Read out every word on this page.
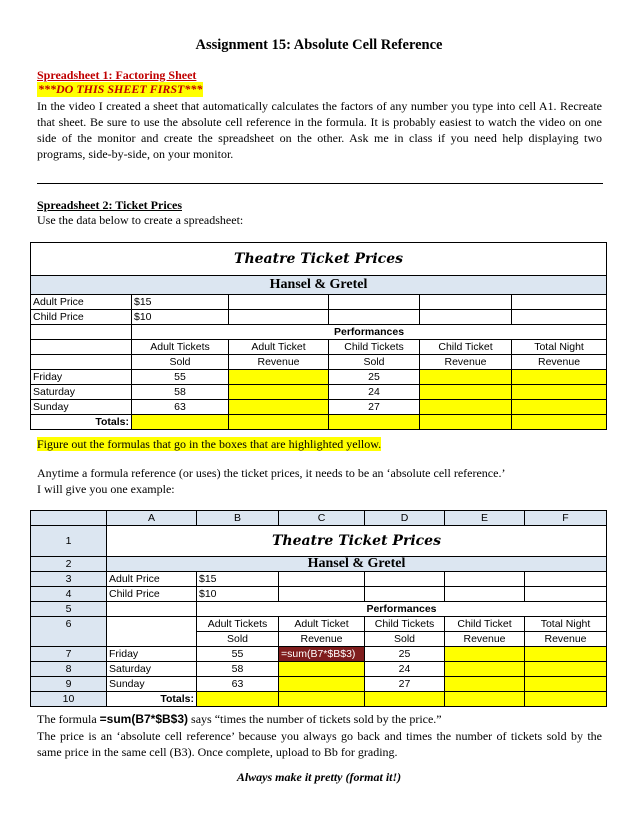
Assignment 15: Absolute Cell Reference
Spreadsheet 1: Factoring Sheet
***DO THIS SHEET FIRST***
In the video I created a sheet that automatically calculates the factors of any number you type into cell A1. Recreate that sheet. Be sure to use the absolute cell reference in the formula. It is probably easiest to watch the video on one side of the monitor and create the spreadsheet on the other. Ask me in class if you need help displaying two programs, side-by-side, on your monitor.
Spreadsheet 2: Ticket Prices
Use the data below to create a spreadsheet:
Theatre Ticket Prices					
Hansel & Gretel					
Adult Price	$15				
Child Price	$10				
	Performances				
	Adult Tickets	Adult Ticket	Child Tickets	Child Ticket	Total Night
	Sold	Revenue	Sold	Revenue	Revenue
Friday	55		25		
Saturday	58		24		
Sunday	63		27		
Totals:					
Figure out the formulas that go in the boxes that are highlighted yellow.
Anytime a formula reference (or uses) the ticket prices, it needs to be an ‘absolute cell reference.’
I will give you one example:
	A	B	C	D	E	F
1	Theatre Ticket Prices					
2	Hansel & Gretel					
3	Adult Price	$15				
4	Child Price	$10				
5		Performances				
6		Adult Tickets	Adult Ticket	Child Tickets	Child Ticket	Total Night
		Sold	Revenue	Sold	Revenue	Revenue
7	Friday	55	=sum(B7*$B$3)	25		
8	Saturday	58		24		
9	Sunday	63		27		
10	Totals:					
The formula =sum(B7*$B$3) says “times the number of tickets sold by the price.”
The price is an ‘absolute cell reference’ because you always go back and times the number of tickets sold by the same price in the same cell (B3). Once complete, upload to Bb for grading.
Always make it pretty (format it!)
